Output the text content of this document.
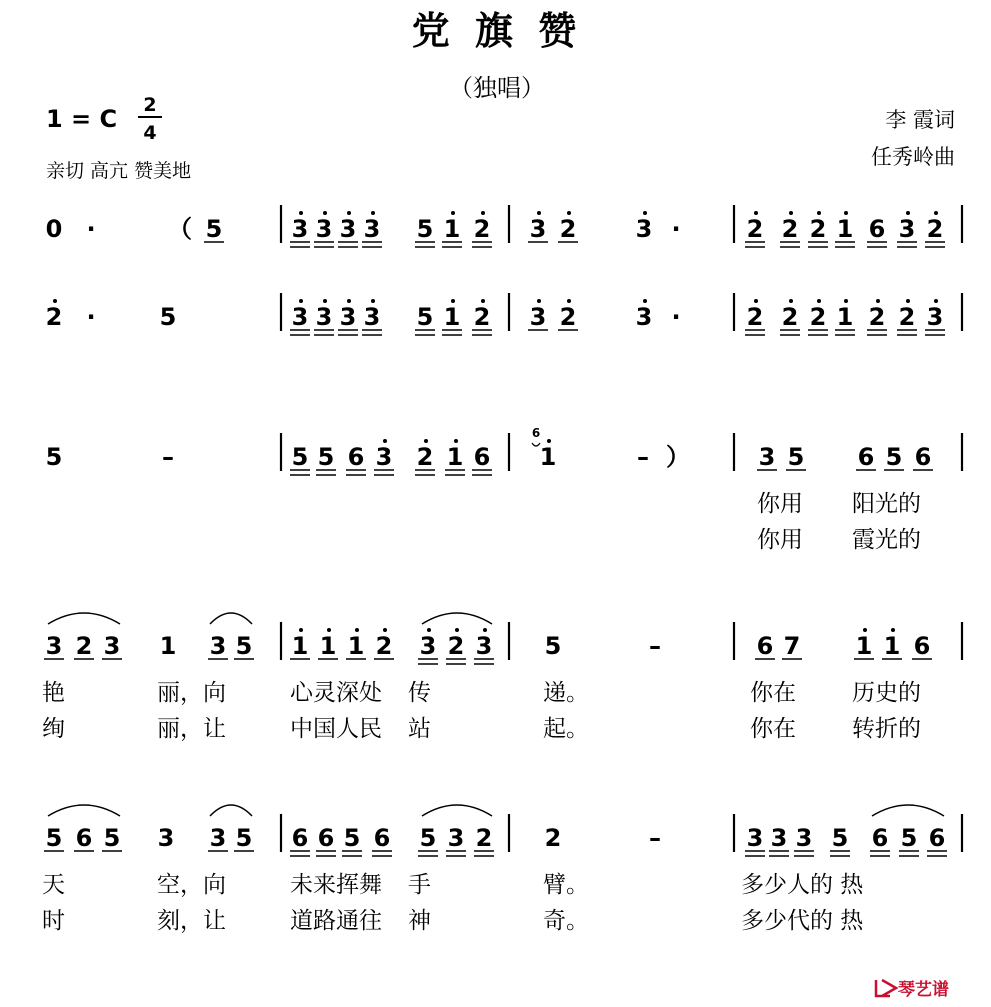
党 旗 赞
（独唱）
1 = C 2
4
亲切 高亢 赞美地
李 霞词
任秀岭曲
0 ·	（ 5	3 3 3 3 5 1 2 3 2 3 ·	2 2 2 1 6 3 2
2 ·	5	3 3 3 3 5 1 2 3 2 3 ·	2 2 2 1 2 2 3
5	–	5 5 6 3 2 1 6 1
6
– ）	3 5 6 5 6
你用 阳光的
你用 霞光的
3 2 3 1 3 5 1 1 1 2 3 2 3 5	–	6 7 1 1 6
艳	丽，向	心灵深处 传	递。	你在 历史的
绚	丽，让	中国人民 站	起。	你在 转折的
5 6 5 3 3 5 6 6 5 6 5 3 2 2	–	3 3 3 5 6 5 6
天	空，向	未来挥舞 手	臂。	多少人的 热
时	刻，让	道路通往 神	奇。	多少代的 热
琴艺谱
